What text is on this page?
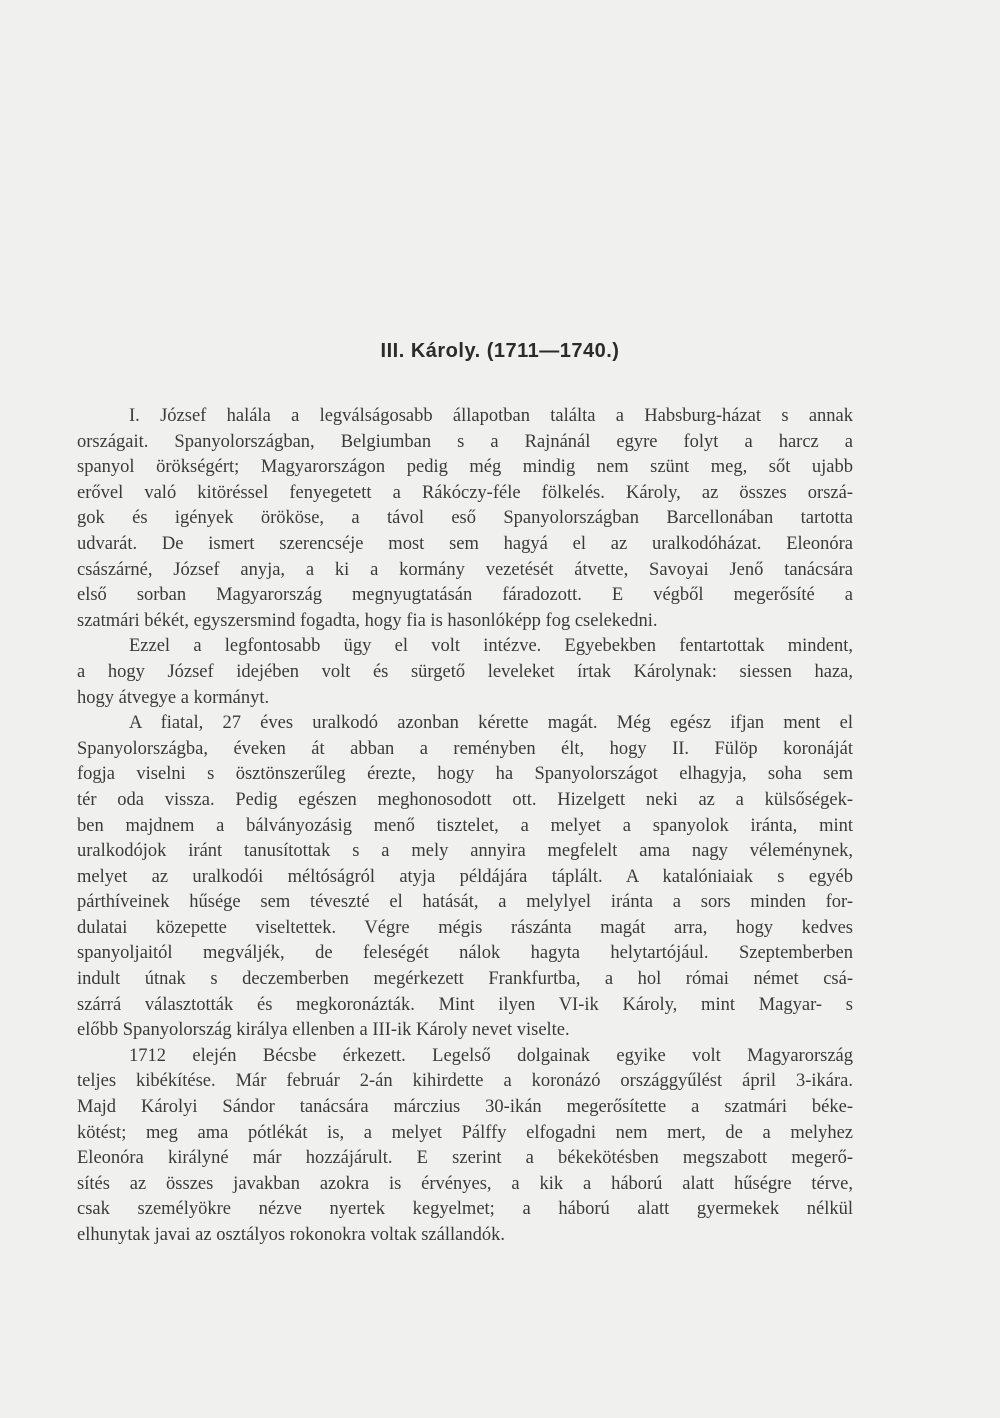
III. Károly. (1711—1740.)
I. József halála a legválságosabb állapotban találta a Habsburg-házat s annak
országait. Spanyolországban, Belgiumban s a Rajnánál egyre folyt a harcz a
spanyol örökségért; Magyarországon pedig még mindig nem szünt meg, sőt ujabb
erővel való kitöréssel fenyegetett a Rákóczy-féle fölkelés. Károly, az összes orszá-
gok és igények örököse, a távol eső Spanyolországban Barcellonában tartotta
udvarát. De ismert szerencséje most sem hagyá el az uralkodóházat. Eleonóra
császárné, József anyja, a ki a kormány vezetését átvette, Savoyai Jenő tanácsára
első sorban Magyarország megnyugtatásán fáradozott. E végből megerősíté a
szatmári békét, egyszersmind fogadta, hogy fia is hasonlóképp fog cselekedni.
Ezzel a legfontosabb ügy el volt intézve. Egyebekben fentartottak mindent,
a hogy József idejében volt és sürgető leveleket írtak Károlynak: siessen haza,
hogy átvegye a kormányt.
A fiatal, 27 éves uralkodó azonban kérette magát. Még egész ifjan ment el
Spanyolországba, éveken át abban a reményben élt, hogy II. Fülöp koronáját
fogja viselni s ösztönszerűleg érezte, hogy ha Spanyolországot elhagyja, soha sem
tér oda vissza. Pedig egészen meghonosodott ott. Hizelgett neki az a külsőségek-
ben majdnem a bálványozásig menő tisztelet, a melyet a spanyolok iránta, mint
uralkodójok iránt tanusítottak s a mely annyira megfelelt ama nagy véleménynek,
melyet az uralkodói méltóságról atyja példájára táplált. A katalóniaiak s egyéb
párthíveinek hűsége sem téveszté el hatását, a melylyel iránta a sors minden for-
dulatai közepette viseltettek. Végre mégis rászánta magát arra, hogy kedves
spanyoljaitól megváljék, de feleségét nálok hagyta helytartójául. Szeptemberben
indult útnak s deczemberben megérkezett Frankfurtba, a hol római német csá-
szárrá választották és megkoronázták. Mint ilyen VI-ik Károly, mint Magyar- s
előbb Spanyolország királya ellenben a III-ik Károly nevet viselte.
1712 elején Bécsbe érkezett. Legelső dolgainak egyike volt Magyarország
teljes kibékítése. Már február 2-án kihirdette a koronázó országgyűlést ápril 3-ikára.
Majd Károlyi Sándor tanácsára márczius 30-ikán megerősítette a szatmári béke-
kötést; meg ama pótlékát is, a melyet Pálffy elfogadni nem mert, de a melyhez
Eleonóra királyné már hozzájárult. E szerint a békekötésben megszabott megerő-
sítés az összes javakban azokra is érvényes, a kik a háború alatt hűségre térve,
csak személyökre nézve nyertek kegyelmet; a háború alatt gyermekek nélkül
elhunytak javai az osztályos rokonokra voltak szállandók.
